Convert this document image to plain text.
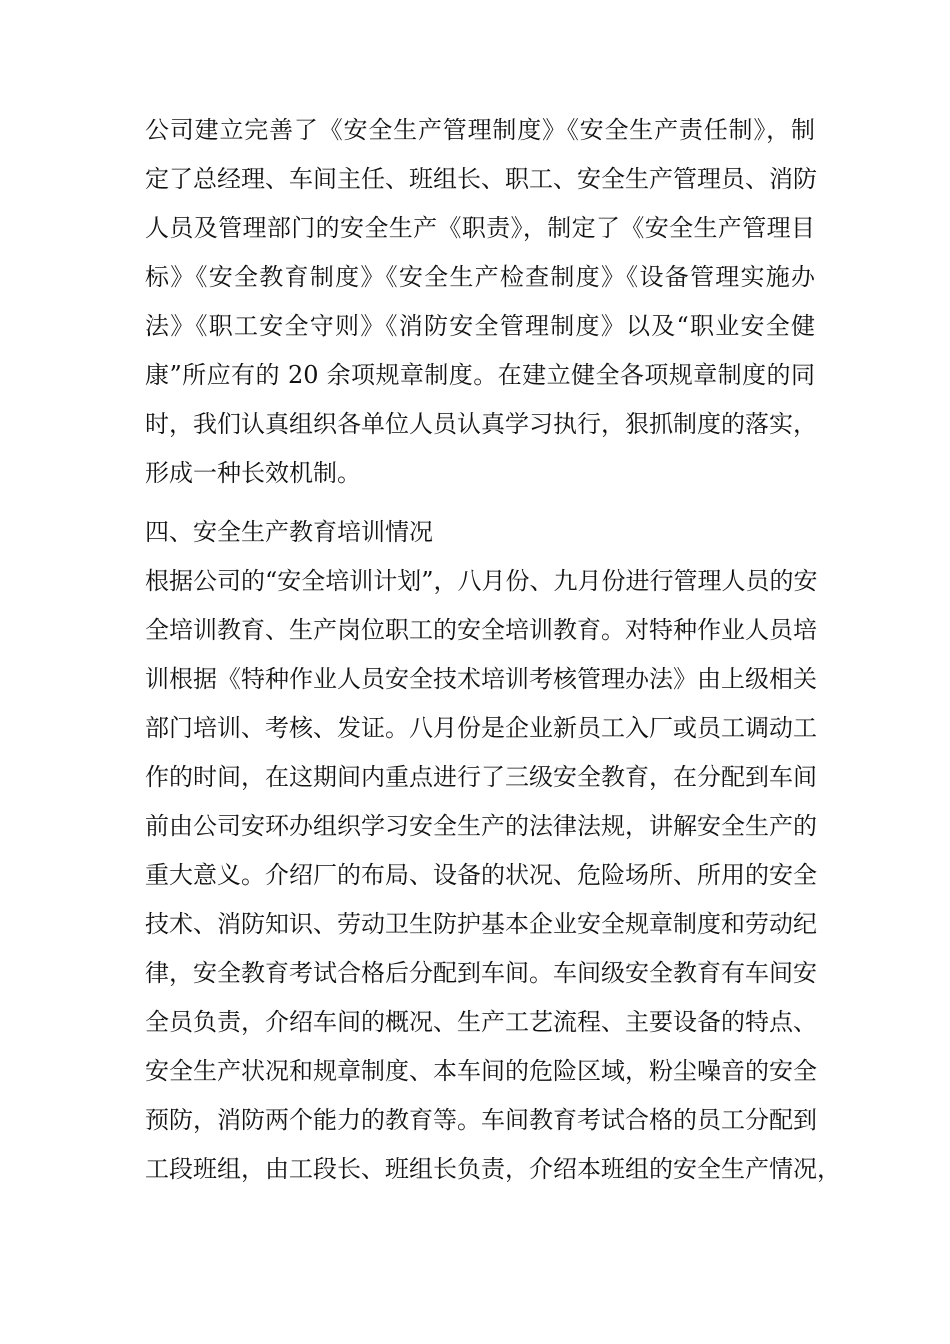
公司建立完善了《安全生产管理制度》《安全生产责任制》，制
定了总经理、车间主任、班组长、职工、安全生产管理员、消防
人员及管理部门的安全生产《职责》，制定了《安全生产管理目
标》《安全教育制度》《安全生产检查制度》《设备管理实施办
法》《职工安全守则》《消防安全管理制度》以及“职业安全健
康”所应有的 20 余项规章制度。在建立健全各项规章制度的同
时，我们认真组织各单位人员认真学习执行，狠抓制度的落实，
形成一种长效机制。
四、安全生产教育培训情况
根据公司的“安全培训计划”，八月份、九月份进行管理人员的安
全培训教育、生产岗位职工的安全培训教育。对特种作业人员培
训根据《特种作业人员安全技术培训考核管理办法》由上级相关
部门培训、考核、发证。八月份是企业新员工入厂或员工调动工
作的时间，在这期间内重点进行了三级安全教育，在分配到车间
前由公司安环办组织学习安全生产的法律法规，讲解安全生产的
重大意义。介绍厂的布局、设备的状况、危险场所、所用的安全
技术、消防知识、劳动卫生防护基本企业安全规章制度和劳动纪
律，安全教育考试合格后分配到车间。车间级安全教育有车间安
全员负责，介绍车间的概况、生产工艺流程、主要设备的特点、
安全生产状况和规章制度、本车间的危险区域，粉尘噪音的安全
预防，消防两个能力的教育等。车间教育考试合格的员工分配到
工段班组，由工段长、班组长负责，介绍本班组的安全生产情况，
